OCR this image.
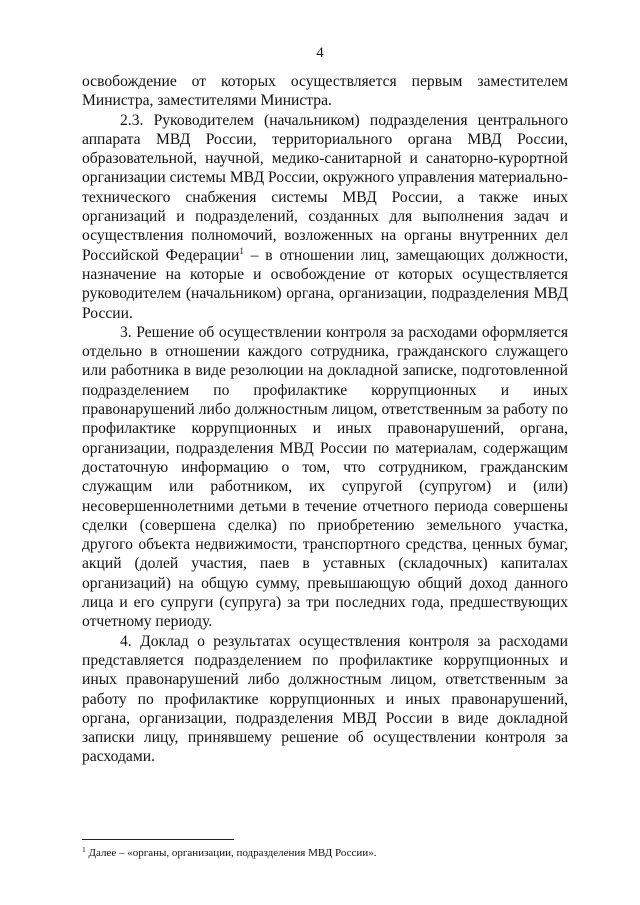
4

освобождение от которых осуществляется первым заместителем Министра, заместителями Министра.

2.3. Руководителем (начальником) подразделения центрального аппарата МВД России, территориального органа МВД России, образовательной, научной, медико-санитарной и санаторно-курортной организации системы МВД России, окружного управления материально-технического снабжения системы МВД России, а также иных организаций и подразделений, созданных для выполнения задач и осуществления полномочий, возложенных на органы внутренних дел Российской Федерации$^1$ – в отношении лиц, замещающих должности, назначение на которые и освобождение от которых осуществляется руководителем (начальником) органа, организации, подразделения МВД России.

3. Решение об осуществлении контроля за расходами оформляется отдельно в отношении каждого сотрудника, гражданского служащего или работника в виде резолюции на докладной записке, подготовленной подразделением по профилактике коррупционных и иных правонарушений либо должностным лицом, ответственным за работу по профилактике коррупционных и иных правонарушений, органа, организации, подразделения МВД России по материалам, содержащим достаточную информацию о том, что сотрудником, гражданским служащим или работником, их супругой (супругом) и (или) несовершеннолетними детьми в течение отчетного периода совершены сделки (совершена сделка) по приобретению земельного участка, другого объекта недвижимости, транспортного средства, ценных бумаг, акций (долей участия, паев в уставных (складочных) капиталах организаций) на общую сумму, превышающую общий доход данного лица и его супруги (супруга) за три последних года, предшествующих отчетному периоду.

4. Доклад о результатах осуществления контроля за расходами представляется подразделением по профилактике коррупционных и иных правонарушений либо должностным лицом, ответственным за работу по профилактике коррупционных и иных правонарушений, органа, организации, подразделения МВД России в виде докладной записки лицу, принявшему решение об осуществлении контроля за расходами.

$^1$ Далее – «органы, организации, подразделения МВД России».
